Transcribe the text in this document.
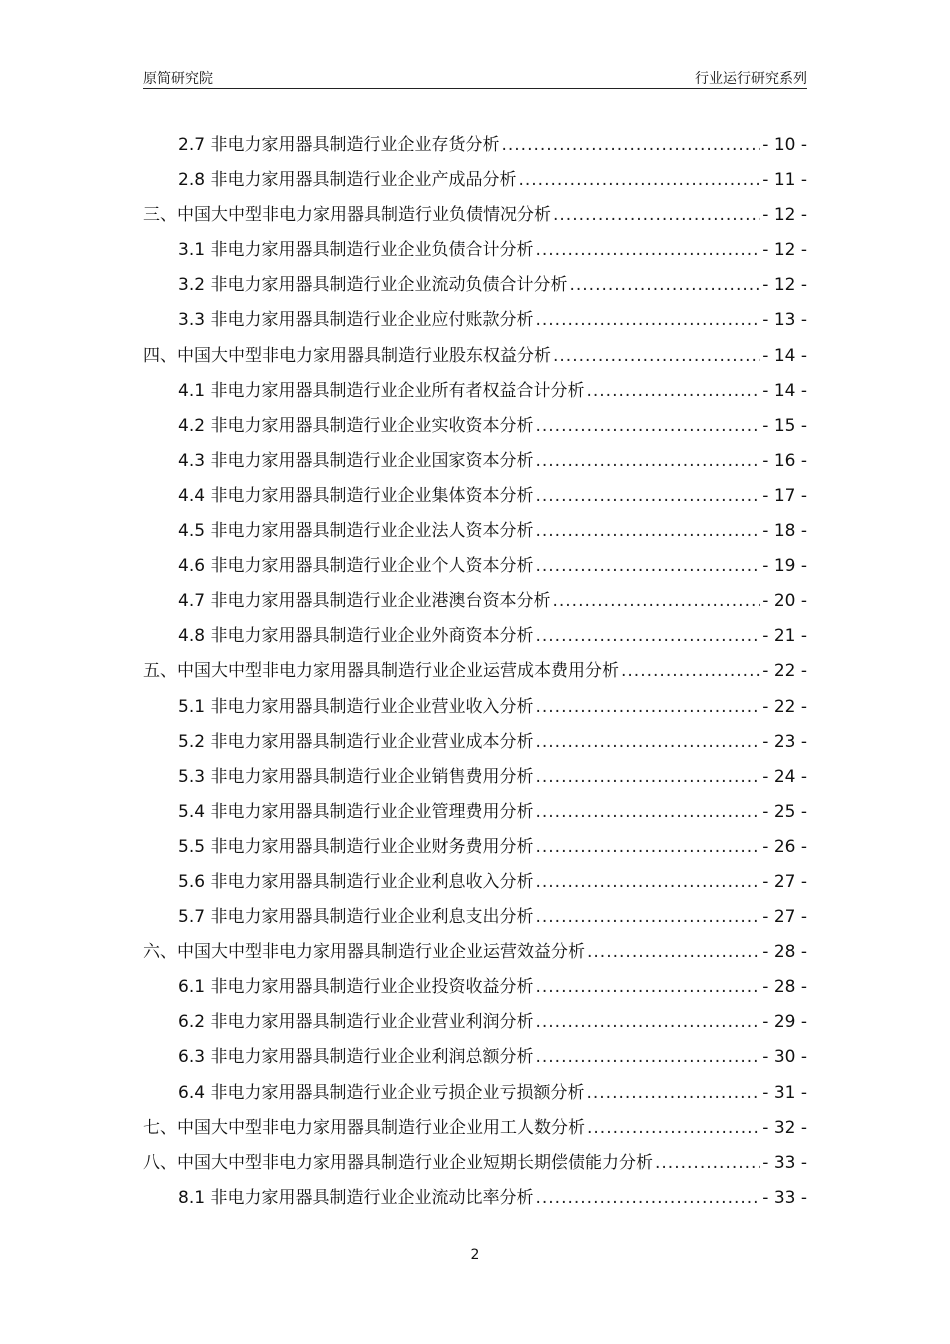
原简研究院	行业运行研究系列
2.7 非电力家用器具制造行业企业存货分析 .....	- 10 -
2.8 非电力家用器具制造行业企业产成品分析 .....	- 11 -
三、中国大中型非电力家用器具制造行业负债情况分析 .....	- 12 -
3.1 非电力家用器具制造行业企业负债合计分析 .....	- 12 -
3.2 非电力家用器具制造行业企业流动负债合计分析 .....	- 12 -
3.3 非电力家用器具制造行业企业应付账款分析 .....	- 13 -
四、中国大中型非电力家用器具制造行业股东权益分析 .....	- 14 -
4.1 非电力家用器具制造行业企业所有者权益合计分析 .....	- 14 -
4.2 非电力家用器具制造行业企业实收资本分析 .....	- 15 -
4.3 非电力家用器具制造行业企业国家资本分析 .....	- 16 -
4.4 非电力家用器具制造行业企业集体资本分析 .....	- 17 -
4.5 非电力家用器具制造行业企业法人资本分析 .....	- 18 -
4.6 非电力家用器具制造行业企业个人资本分析 .....	- 19 -
4.7 非电力家用器具制造行业企业港澳台资本分析 .....	- 20 -
4.8 非电力家用器具制造行业企业外商资本分析 .....	- 21 -
五、中国大中型非电力家用器具制造行业企业运营成本费用分析 .....	- 22 -
5.1 非电力家用器具制造行业企业营业收入分析 .....	- 22 -
5.2 非电力家用器具制造行业企业营业成本分析 .....	- 23 -
5.3 非电力家用器具制造行业企业销售费用分析 .....	- 24 -
5.4 非电力家用器具制造行业企业管理费用分析 .....	- 25 -
5.5 非电力家用器具制造行业企业财务费用分析 .....	- 26 -
5.6 非电力家用器具制造行业企业利息收入分析 .....	- 27 -
5.7 非电力家用器具制造行业企业利息支出分析 .....	- 27 -
六、中国大中型非电力家用器具制造行业企业运营效益分析 .....	- 28 -
6.1 非电力家用器具制造行业企业投资收益分析 .....	- 28 -
6.2 非电力家用器具制造行业企业营业利润分析 .....	- 29 -
6.3 非电力家用器具制造行业企业利润总额分析 .....	- 30 -
6.4 非电力家用器具制造行业企业亏损企业亏损额分析 .....	- 31 -
七、中国大中型非电力家用器具制造行业企业用工人数分析 .....	- 32 -
八、中国大中型非电力家用器具制造行业企业短期长期偿债能力分析 .....	- 33 -
8.1 非电力家用器具制造行业企业流动比率分析 .....	- 33 -
2
